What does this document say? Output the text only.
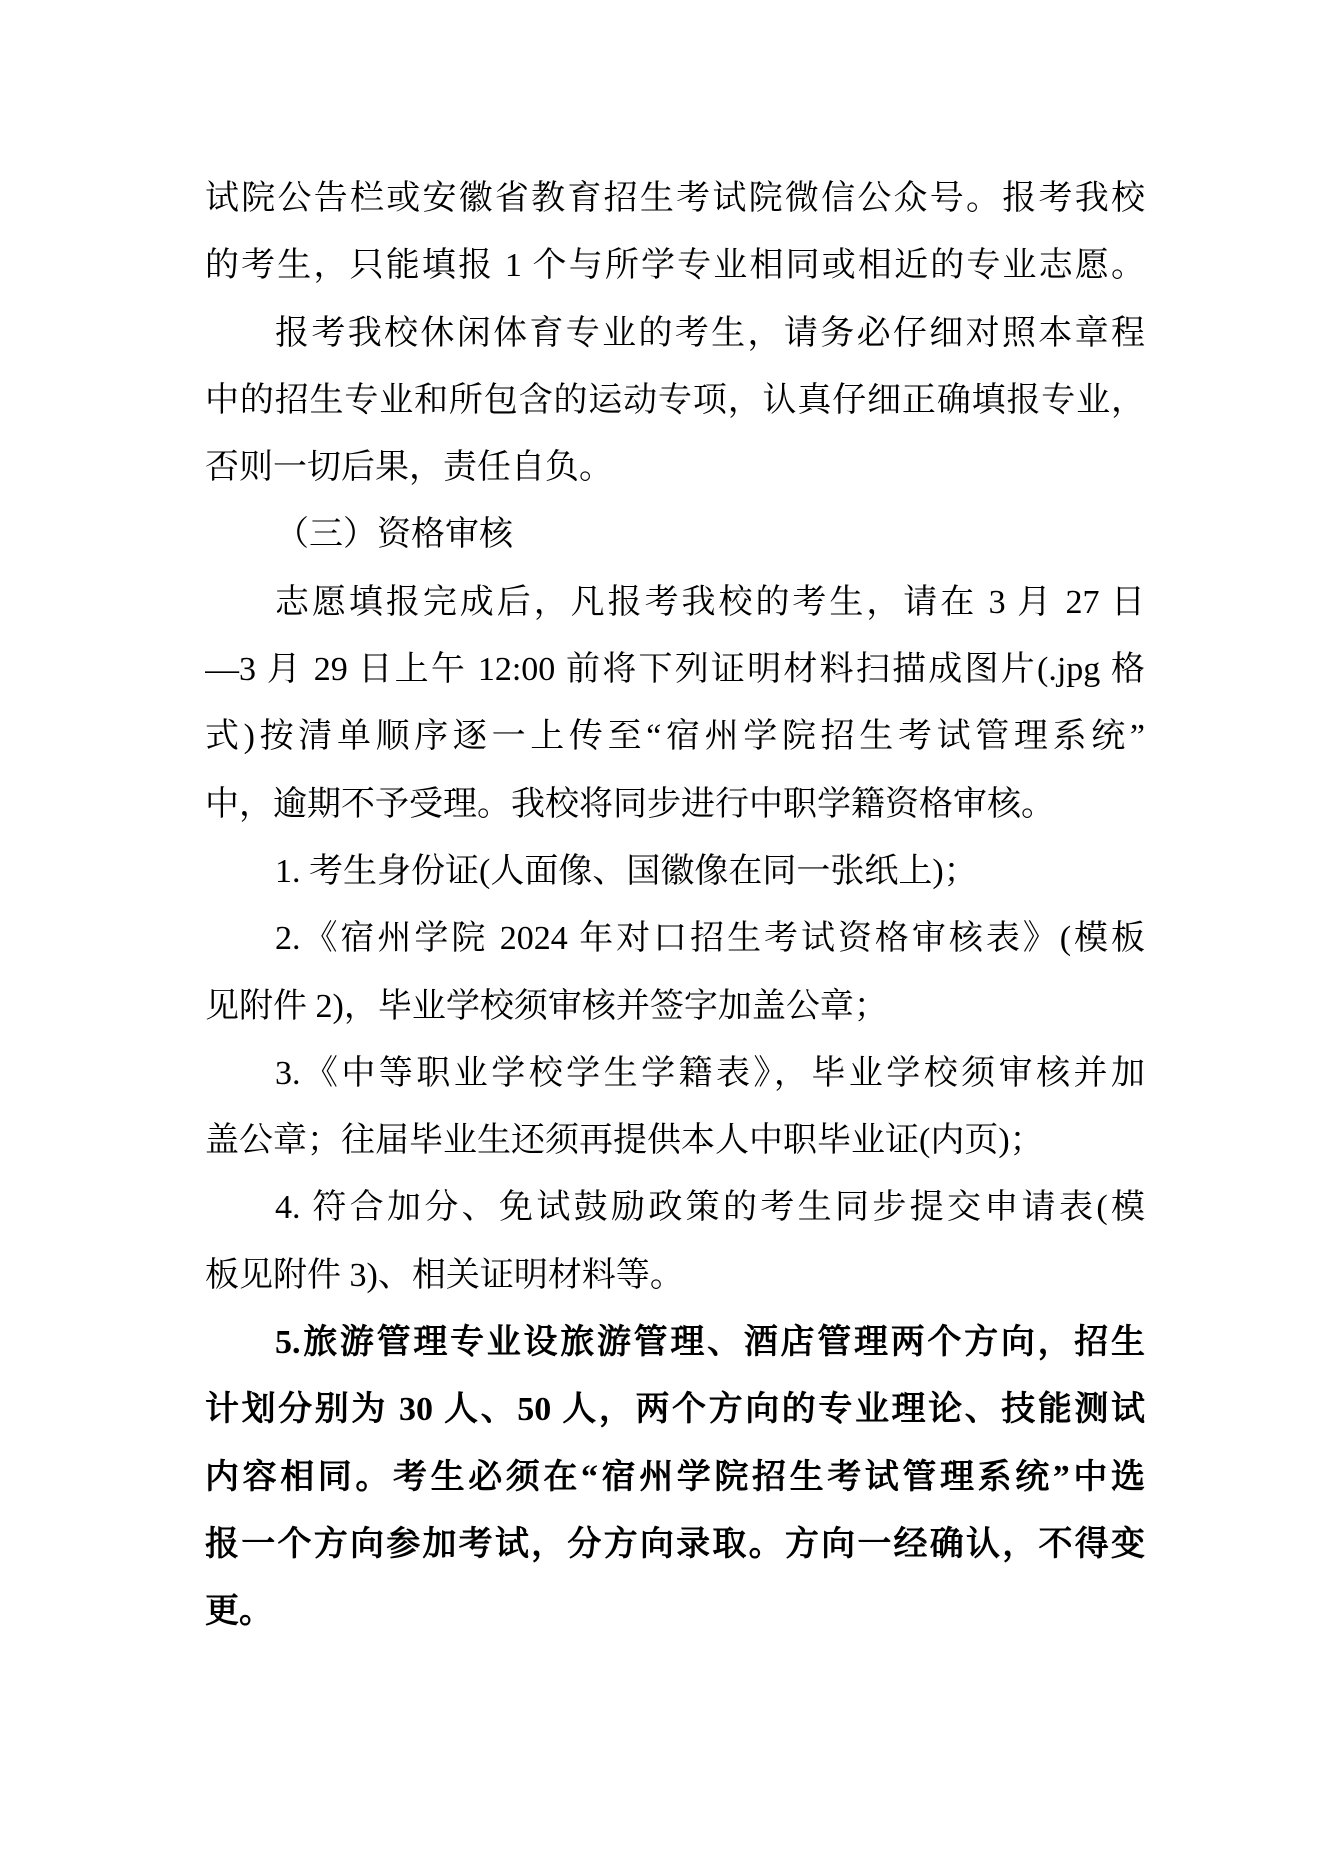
试院公告栏或安徽省教育招生考试院微信公众号。报考我校
的考生，只能填报 1 个与所学专业相同或相近的专业志愿。
报考我校休闲体育专业的考生，请务必仔细对照本章程
中的招生专业和所包含的运动专项，认真仔细正确填报专业，
否则一切后果，责任自负。
（三）资格审核
志愿填报完成后，凡报考我校的考生，请在 3 月 27 日
—3 月 29 日上午 12:00 前将下列证明材料扫描成图片(.jpg 格
式)按清单顺序逐一上传至“宿州学院招生考试管理系统”
中，逾期不予受理。我校将同步进行中职学籍资格审核。
1. 考生身份证(人面像、国徽像在同一张纸上)；
2.《宿州学院 2024 年对口招生考试资格审核表》(模板
见附件 2)，毕业学校须审核并签字加盖公章；
3.《中等职业学校学生学籍表》，毕业学校须审核并加
盖公章；往届毕业生还须再提供本人中职毕业证(内页)；
4. 符合加分、免试鼓励政策的考生同步提交申请表(模
板见附件 3)、相关证明材料等。
5.旅游管理专业设旅游管理、酒店管理两个方向，招生
计划分别为 30 人、50 人，两个方向的专业理论、技能测试
内容相同。考生必须在“宿州学院招生考试管理系统”中选
报一个方向参加考试，分方向录取。方向一经确认，不得变
更。
